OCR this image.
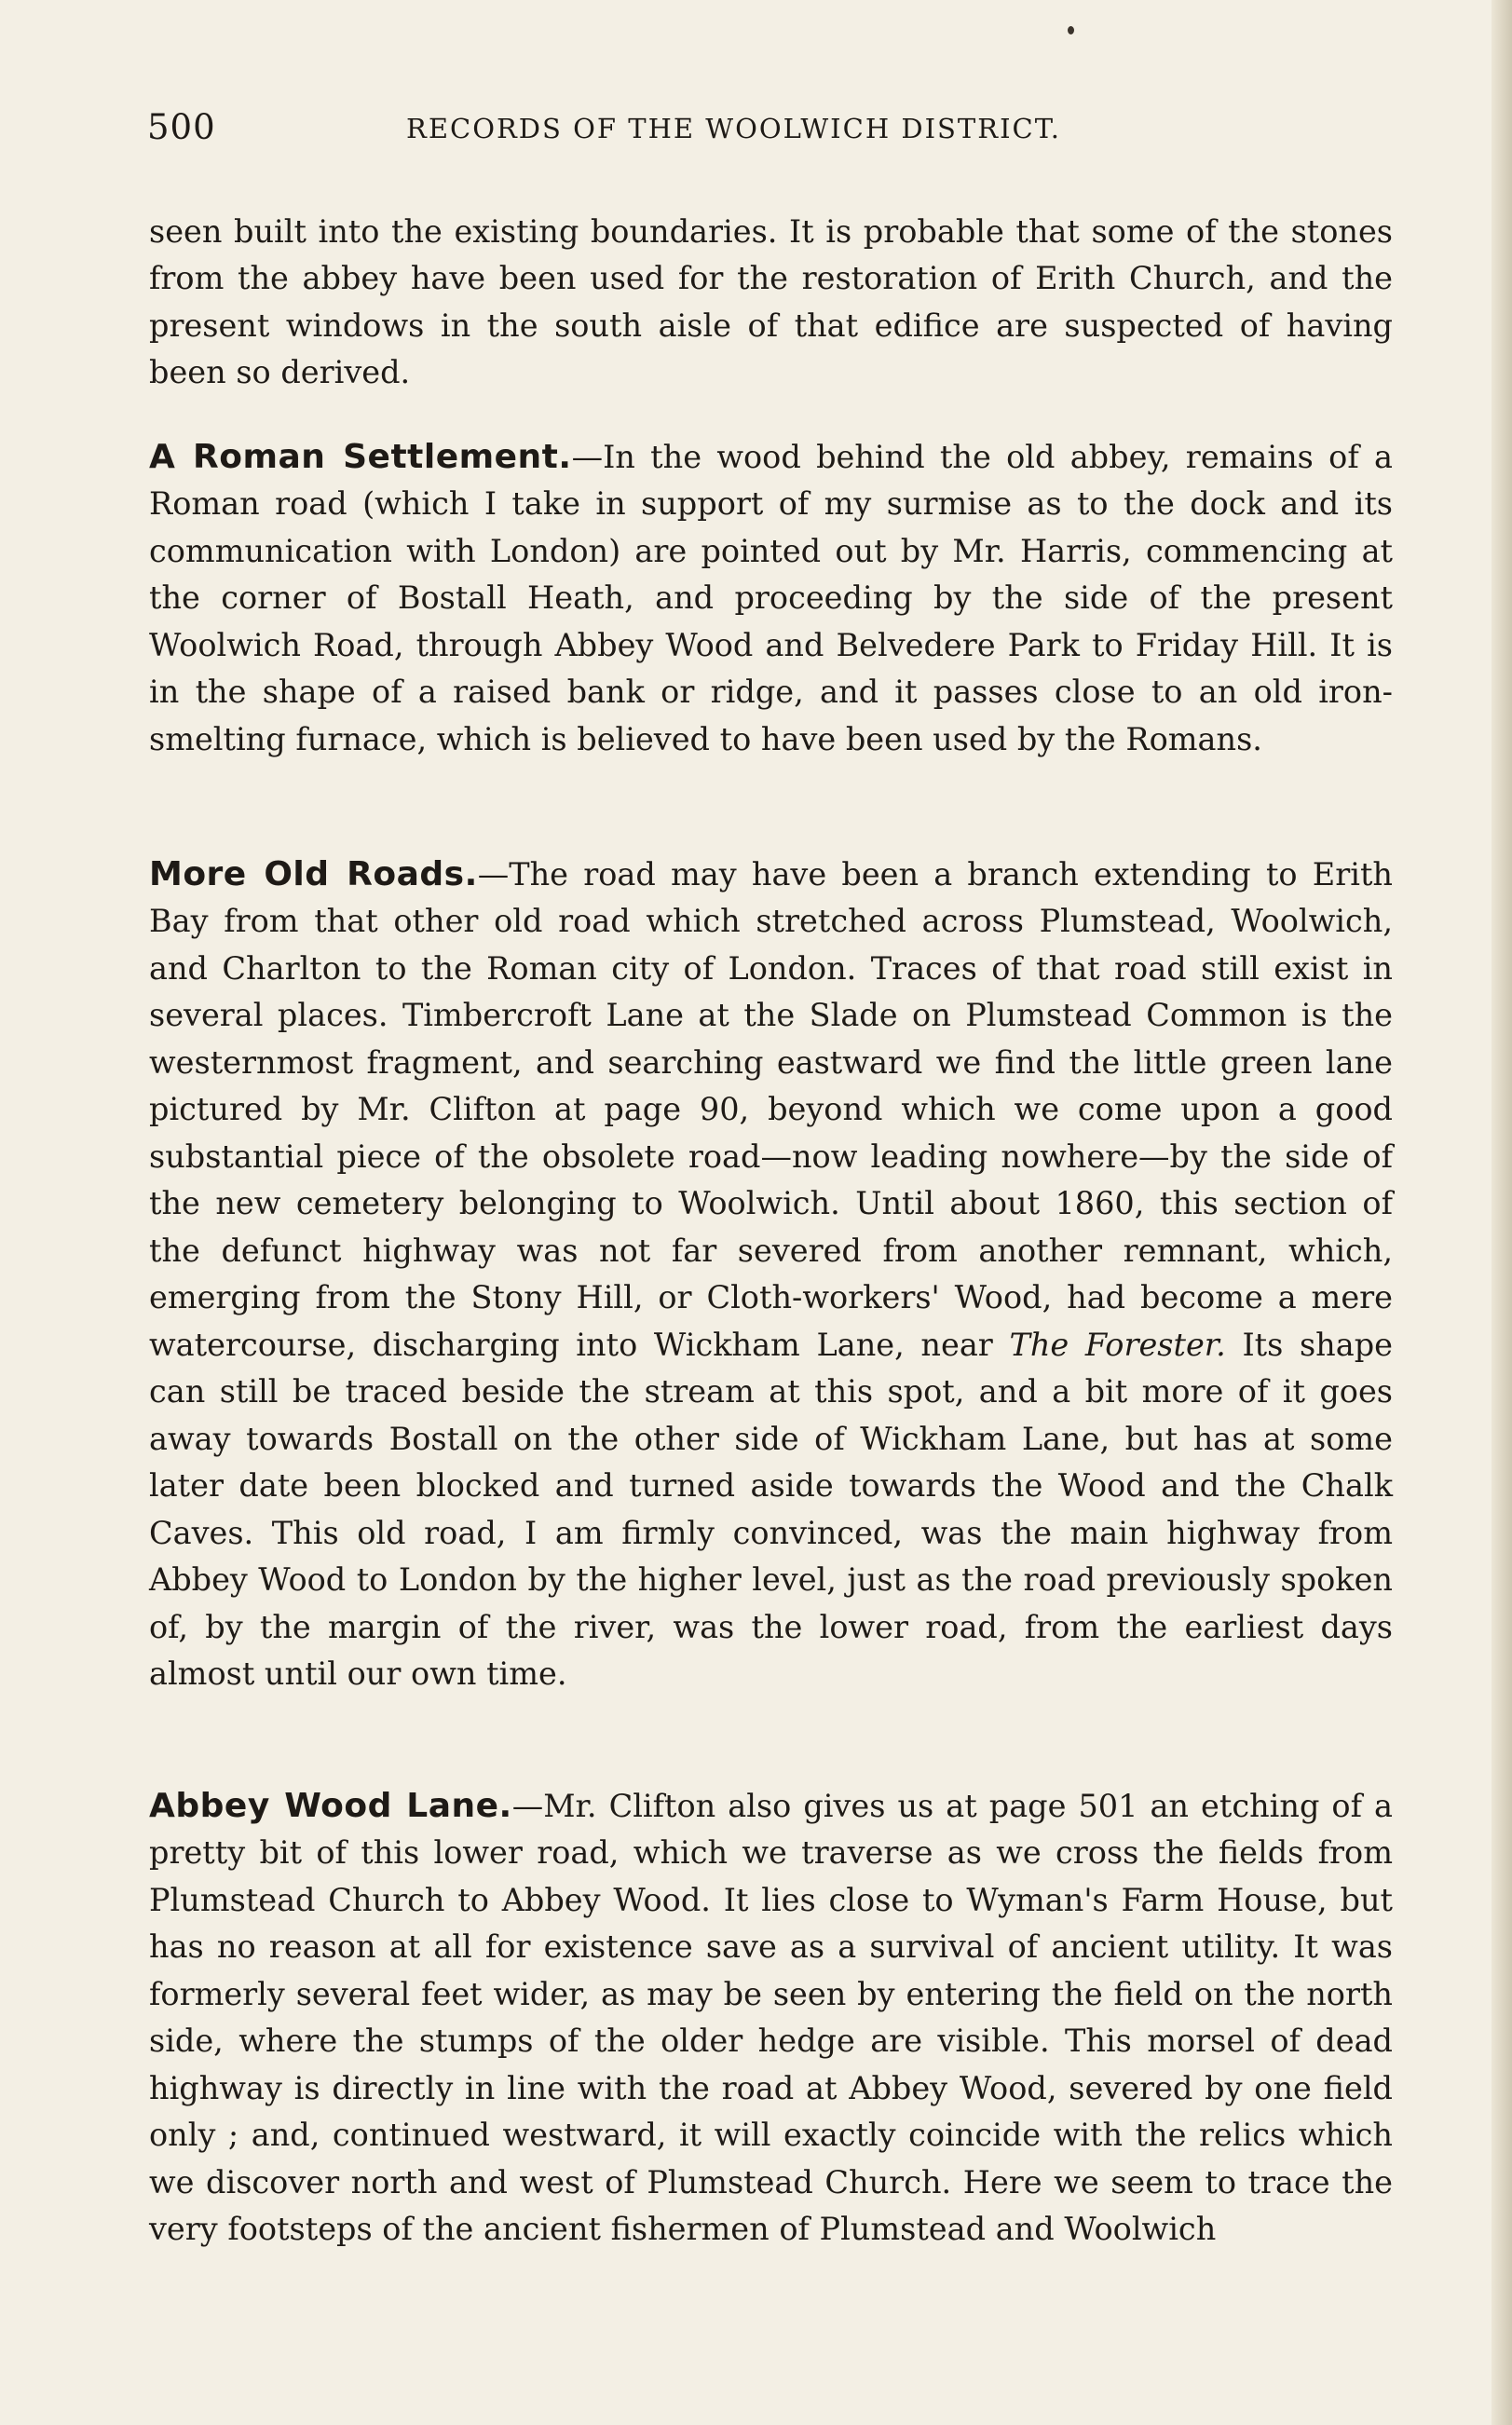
500	RECORDS OF THE WOOLWICH DISTRICT.

seen built into the existing boundaries. It is probable that some of the stones from the abbey have been used for the restoration of Erith Church, and the present windows in the south aisle of that edifice are suspected of having been so derived.

A Roman Settlement.—In the wood behind the old abbey, remains of a Roman road (which I take in support of my surmise as to the dock and its communication with London) are pointed out by Mr. Harris, commencing at the corner of Bostall Heath, and proceeding by the side of the present Woolwich Road, through Abbey Wood and Belvedere Park to Friday Hill. It is in the shape of a raised bank or ridge, and it passes close to an old iron-smelting furnace, which is believed to have been used by the Romans.

More Old Roads.—The road may have been a branch extending to Erith Bay from that other old road which stretched across Plumstead, Woolwich, and Charlton to the Roman city of London. Traces of that road still exist in several places. Timbercroft Lane at the Slade on Plumstead Common is the westernmost fragment, and searching eastward we find the little green lane pictured by Mr. Clifton at page 90, beyond which we come upon a good substantial piece of the obsolete road—now leading nowhere—by the side of the new cemetery belonging to Woolwich. Until about 1860, this section of the defunct highway was not far severed from another remnant, which, emerging from the Stony Hill, or Cloth-workers' Wood, had become a mere watercourse, discharging into Wickham Lane, near The Forester. Its shape can still be traced beside the stream at this spot, and a bit more of it goes away towards Bostall on the other side of Wickham Lane, but has at some later date been blocked and turned aside towards the Wood and the Chalk Caves. This old road, I am firmly convinced, was the main highway from Abbey Wood to London by the higher level, just as the road previously spoken of, by the margin of the river, was the lower road, from the earliest days almost until our own time.

Abbey Wood Lane.—Mr. Clifton also gives us at page 501 an etching of a pretty bit of this lower road, which we traverse as we cross the fields from Plumstead Church to Abbey Wood. It lies close to Wyman's Farm House, but has no reason at all for existence save as a survival of ancient utility. It was formerly several feet wider, as may be seen by entering the field on the north side, where the stumps of the older hedge are visible. This morsel of dead highway is directly in line with the road at Abbey Wood, severed by one field only ; and, continued westward, it will exactly coincide with the relics which we discover north and west of Plumstead Church. Here we seem to trace the very footsteps of the ancient fishermen of Plumstead and Woolwich
